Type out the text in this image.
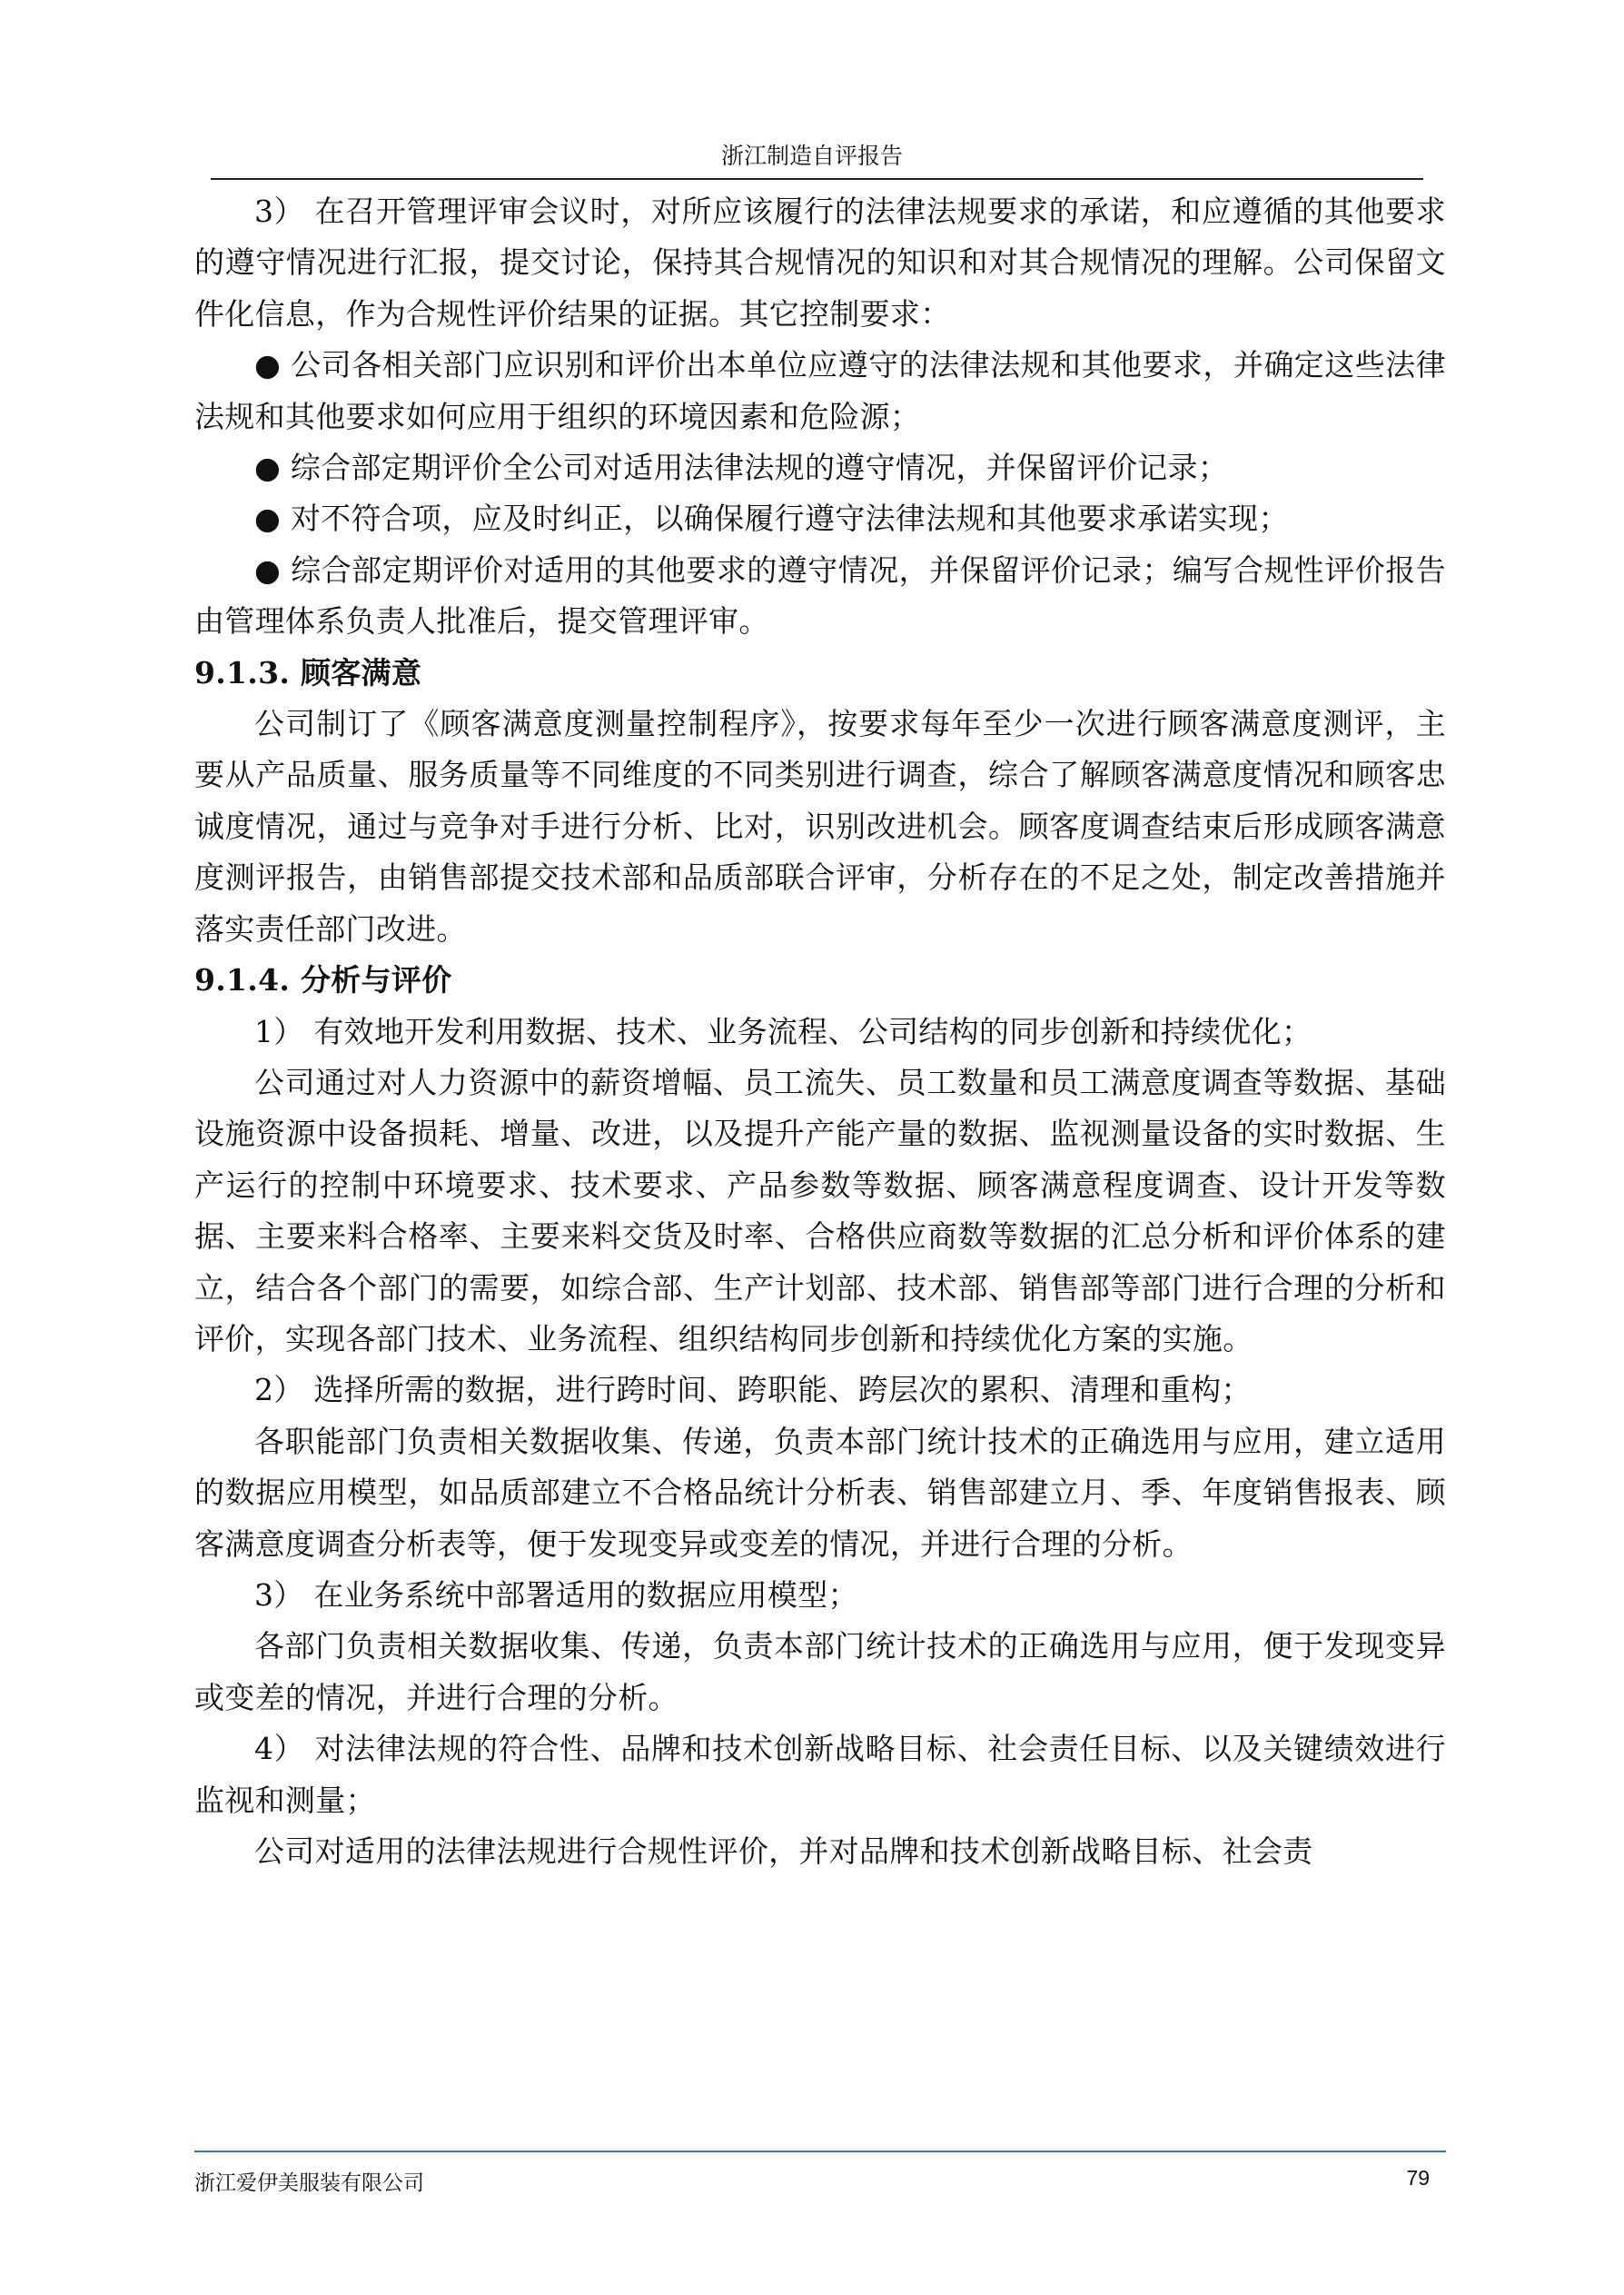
浙江制造自评报告

3） 在召开管理评审会议时，对所应该履行的法律法规要求的承诺，和应遵循的其他要求的遵守情况进行汇报，提交讨论，保持其合规情况的知识和对其合规情况的理解。公司保留文件化信息，作为合规性评价结果的证据。其它控制要求：

● 公司各相关部门应识别和评价出本单位应遵守的法律法规和其他要求，并确定这些法律法规和其他要求如何应用于组织的环境因素和危险源；

● 综合部定期评价全公司对适用法律法规的遵守情况，并保留评价记录；

● 对不符合项，应及时纠正，以确保履行遵守法律法规和其他要求承诺实现；

● 综合部定期评价对适用的其他要求的遵守情况，并保留评价记录；编写合规性评价报告由管理体系负责人批准后，提交管理评审。

9.1.3. 顾客满意

公司制订了《顾客满意度测量控制程序》，按要求每年至少一次进行顾客满意度测评，主要从产品质量、服务质量等不同维度的不同类别进行调查，综合了解顾客满意度情况和顾客忠诚度情况，通过与竞争对手进行分析、比对，识别改进机会。顾客度调查结束后形成顾客满意度测评报告，由销售部提交技术部和品质部联合评审，分析存在的不足之处，制定改善措施并落实责任部门改进。

9.1.4. 分析与评价

1） 有效地开发利用数据、技术、业务流程、公司结构的同步创新和持续优化；

公司通过对人力资源中的薪资增幅、员工流失、员工数量和员工满意度调查等数据、基础设施资源中设备损耗、增量、改进，以及提升产能产量的数据、监视测量设备的实时数据、生产运行的控制中环境要求、技术要求、产品参数等数据、顾客满意程度调查、设计开发等数据、主要来料合格率、主要来料交货及时率、合格供应商数等数据的汇总分析和评价体系的建立，结合各个部门的需要，如综合部、生产计划部、技术部、销售部等部门进行合理的分析和评价，实现各部门技术、业务流程、组织结构同步创新和持续优化方案的实施。

2） 选择所需的数据，进行跨时间、跨职能、跨层次的累积、清理和重构；

各职能部门负责相关数据收集、传递，负责本部门统计技术的正确选用与应用，建立适用的数据应用模型，如品质部建立不合格品统计分析表、销售部建立月、季、年度销售报表、顾客满意度调查分析表等，便于发现变异或变差的情况，并进行合理的分析。

3） 在业务系统中部署适用的数据应用模型；

各部门负责相关数据收集、传递，负责本部门统计技术的正确选用与应用，便于发现变异或变差的情况，并进行合理的分析。

4） 对法律法规的符合性、品牌和技术创新战略目标、社会责任目标、以及关键绩效进行监视和测量；

公司对适用的法律法规进行合规性评价，并对品牌和技术创新战略目标、社会责

浙江爱伊美服装有限公司	79
